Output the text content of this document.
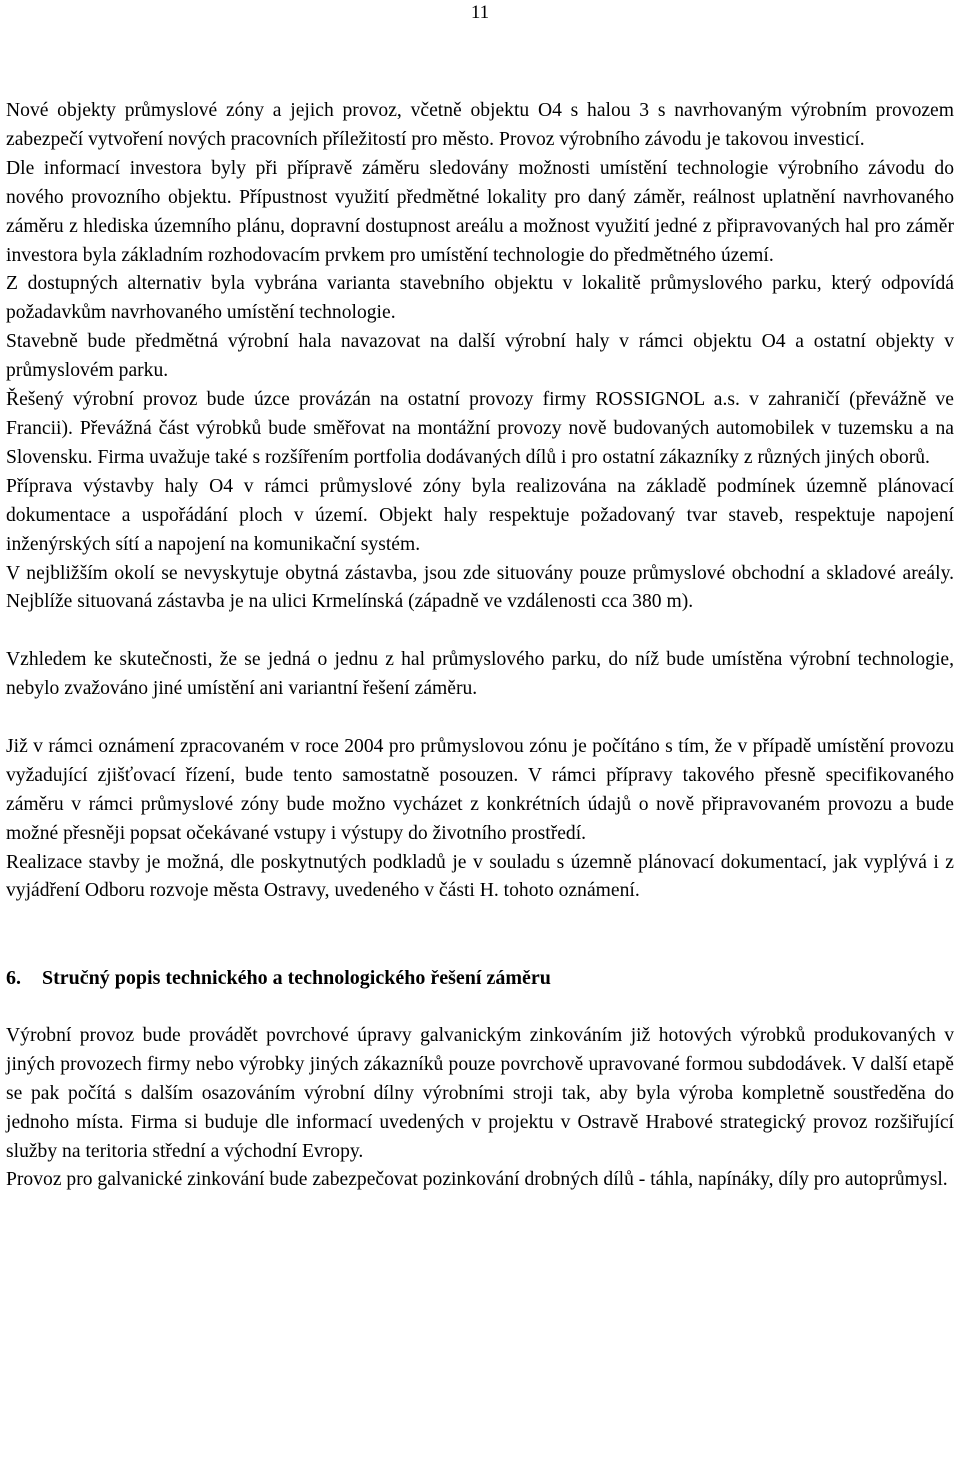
11

Nové objekty průmyslové zóny a jejich provoz, včetně objektu O4 s halou 3 s navrhovaným výrobním provozem zabezpečí vytvoření nových pracovních příležitostí pro město. Provoz výrobního závodu je takovou investicí.

Dle informací investora byly při přípravě záměru sledovány možnosti umístění technologie výrobního závodu do nového provozního objektu. Přípustnost využití předmětné lokality pro daný záměr, reálnost uplatnění navrhovaného záměru z hlediska územního plánu, dopravní dostupnost areálu a možnost využití jedné z připravovaných hal pro záměr investora byla základním rozhodovacím prvkem pro umístění technologie do předmětného území.

Z dostupných alternativ byla vybrána varianta stavebního objektu v lokalitě průmyslového parku, který odpovídá požadavkům navrhovaného umístění technologie.

Stavebně bude předmětná výrobní hala navazovat na další výrobní haly v rámci objektu O4 a ostatní objekty v průmyslovém parku.

Řešený výrobní provoz bude úzce provázán na ostatní provozy firmy ROSSIGNOL a.s. v zahraničí (převážně ve Francii). Převážná část výrobků bude směřovat na montážní provozy nově budovaných automobilek v tuzemsku a na Slovensku. Firma uvažuje také s rozšířením portfolia dodávaných dílů i pro ostatní zákazníky z různých jiných oborů.

Příprava výstavby haly O4 v rámci průmyslové zóny byla realizována na základě podmínek územně plánovací dokumentace a uspořádání ploch v území. Objekt haly respektuje požadovaný tvar staveb, respektuje napojení inženýrských sítí a napojení na komunikační systém.

V nejbližším okolí se nevyskytuje obytná zástavba, jsou zde situovány pouze průmyslové obchodní a skladové areály. Nejblíže situovaná zástavba je na ulici Krmelínská (západně ve vzdálenosti cca 380 m).

Vzhledem ke skutečnosti, že se jedná o jednu z hal průmyslového parku, do níž bude umístěna výrobní technologie, nebylo zvažováno jiné umístění ani variantní řešení záměru.

Již v rámci oznámení zpracovaném v roce 2004 pro průmyslovou zónu je počítáno s tím, že v případě umístění provozu vyžadující zjišťovací řízení, bude tento samostatně posouzen. V rámci přípravy takového přesně specifikovaného záměru v rámci průmyslové zóny bude možno vycházet z konkrétních údajů o nově připravovaném provozu a bude možné přesněji popsat očekávané vstupy i výstupy do životního prostředí.

Realizace stavby je možná, dle poskytnutých podkladů je v souladu s územně plánovací dokumentací, jak vyplývá i z vyjádření Odboru rozvoje města Ostravy, uvedeného v části H. tohoto oznámení.

6. Stručný popis technického a technologického řešení záměru

Výrobní provoz bude provádět povrchové úpravy galvanickým zinkováním již hotových výrobků produkovaných v jiných provozech firmy nebo výrobky jiných zákazníků pouze povrchově upravované formou subdodávek. V další etapě se pak počítá s dalším osazováním výrobní dílny výrobními stroji tak, aby byla výroba kompletně soustředěna do jednoho místa. Firma si buduje dle informací uvedených v projektu v Ostravě Hrabové strategický provoz rozšiřující služby na teritoria střední a východní Evropy.

Provoz pro galvanické zinkování bude zabezpečovat pozinkování drobných dílů - táhla, napínáky, díly pro autoprůmysl.
